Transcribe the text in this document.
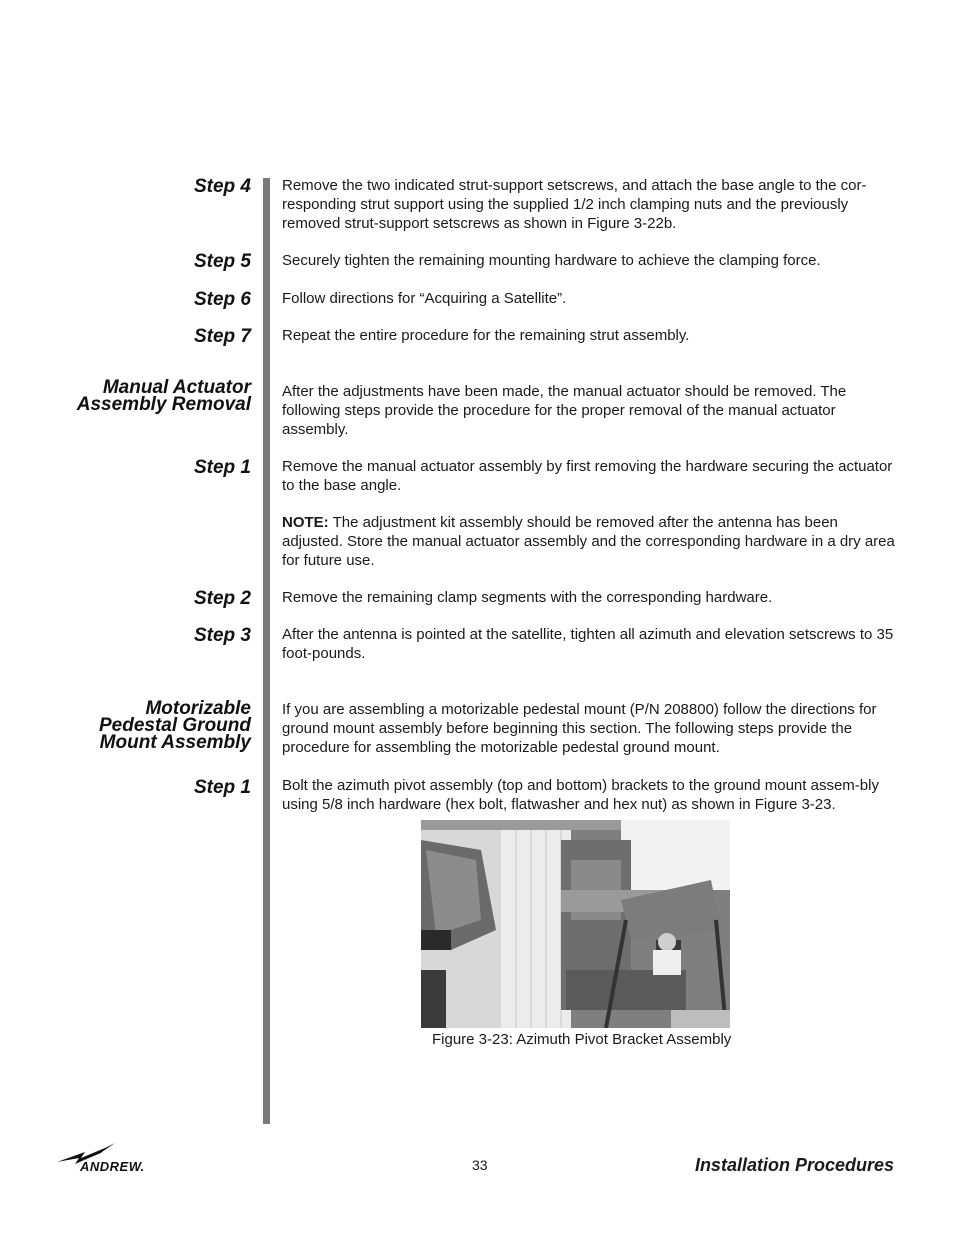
Step 4 Remove the two indicated strut-support setscrews, and attach the base angle to the cor-responding strut support using the supplied 1/2 inch clamping nuts and the previously removed strut-support setscrews as shown in Figure 3-22b.
Step 5 Securely tighten the remaining mounting hardware to achieve the clamping force.
Step 6 Follow directions for “Acquiring a Satellite”.
Step 7 Repeat the entire procedure for the remaining strut assembly.
Manual Actuator
Assembly Removal
After the adjustments have been made, the manual actuator should be removed. The following steps provide the procedure for the proper removal of the manual actuator assembly.
Step 1 Remove the manual actuator assembly by first removing the hardware securing the actuator to the base angle.
NOTE: The adjustment kit assembly should be removed after the antenna has been adjusted. Store the manual actuator assembly and the corresponding hardware in a dry area for future use.
Step 2 Remove the remaining clamp segments with the corresponding hardware.
Step 3 After the antenna is pointed at the satellite, tighten all azimuth and elevation setscrews to 35 foot-pounds.
Motorizable
Pedestal Ground
Mount Assembly
If you are assembling a motorizable pedestal mount (P/N 208800) follow the directions for ground mount assembly before beginning this section. The following steps provide the procedure for assembling the motorizable pedestal ground mount.
Step 1 Bolt the azimuth pivot assembly (top and bottom) brackets to the ground mount assem-bly using 5/8 inch hardware (hex bolt, flatwasher and hex nut) as shown in Figure 3-23.
Figure 3-23: Azimuth Pivot Bracket Assembly
ANDREW.	33	Installation Procedures
